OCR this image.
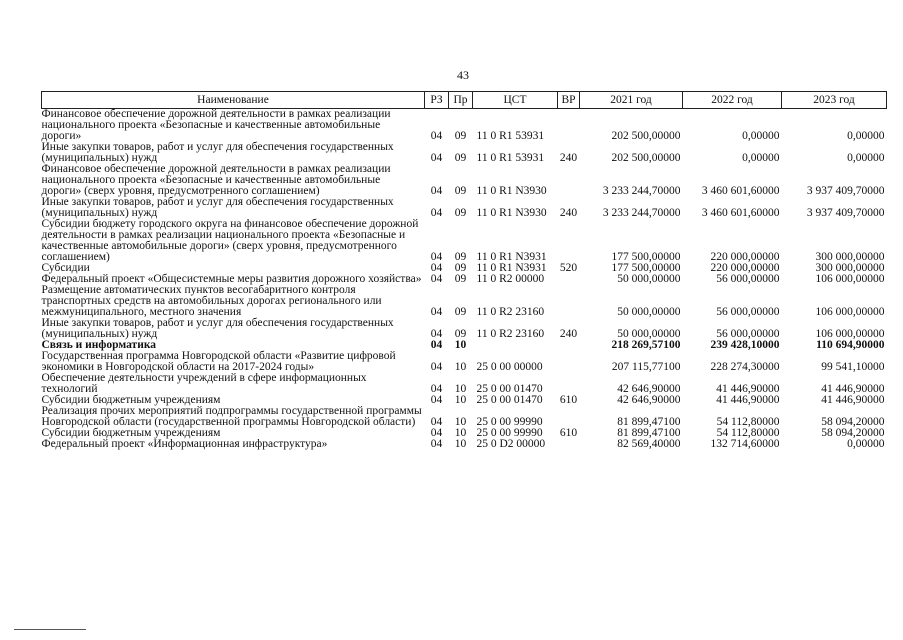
43
Наименование	РЗ	Пр	ЦСТ	ВР	2021 год	2022 год	2023 год
Финансовое обеспечение дорожной деятельности в рамках реализации национального проекта «Безопасные и качественные автомобильные дороги»	04	09	11 0 R1 53931		202 500,00000	0,00000	0,00000
Иные закупки товаров, работ и услуг для обеспечения государственных (муниципальных) нужд	04	09	11 0 R1 53931	240	202 500,00000	0,00000	0,00000
Финансовое обеспечение дорожной деятельности в рамках реализации национального проекта «Безопасные и качественные автомобильные дороги» (сверх уровня, предусмотренного соглашением)	04	09	11 0 R1 N3930		3 233 244,70000	3 460 601,60000	3 937 409,70000
Иные закупки товаров, работ и услуг для обеспечения государственных (муниципальных) нужд	04	09	11 0 R1 N3930	240	3 233 244,70000	3 460 601,60000	3 937 409,70000
Субсидии бюджету городского округа на финансовое обеспечение дорожной деятельности в рамках реализации национального проекта «Безопасные и качественные автомобильные дороги» (сверх уровня, предусмотренного соглашением)	04	09	11 0 R1 N3931		177 500,00000	220 000,00000	300 000,00000
Субсидии	04	09	11 0 R1 N3931	520	177 500,00000	220 000,00000	300 000,00000
Федеральный проект «Общесистемные меры развития дорожного хозяйства»	04	09	11 0 R2 00000		50 000,00000	56 000,00000	106 000,00000
Размещение автоматических пунктов весогабаритного контроля транспортных средств на автомобильных дорогах регионального или межмуниципального, местного значения	04	09	11 0 R2 23160		50 000,00000	56 000,00000	106 000,00000
Иные закупки товаров, работ и услуг для обеспечения государственных (муниципальных) нужд	04	09	11 0 R2 23160	240	50 000,00000	56 000,00000	106 000,00000
Связь и информатика	04	10			218 269,57100	239 428,10000	110 694,90000
Государственная программа Новгородской области «Развитие цифровой экономики в Новгородской области на 2017-2024 годы»	04	10	25 0 00 00000		207 115,77100	228 274,30000	99 541,10000
Обеспечение деятельности учреждений в сфере информационных технологий	04	10	25 0 00 01470		42 646,90000	41 446,90000	41 446,90000
Субсидии бюджетным учреждениям	04	10	25 0 00 01470	610	42 646,90000	41 446,90000	41 446,90000
Реализация прочих мероприятий подпрограммы государственной программы Новгородской области (государственной программы Новгородской области)	04	10	25 0 00 99990		81 899,47100	54 112,80000	58 094,20000
Субсидии бюджетным учреждениям	04	10	25 0 00 99990	610	81 899,47100	54 112,80000	58 094,20000
Федеральный проект «Информационная инфраструктура»	04	10	25 0 D2 00000		82 569,40000	132 714,60000	0,00000
